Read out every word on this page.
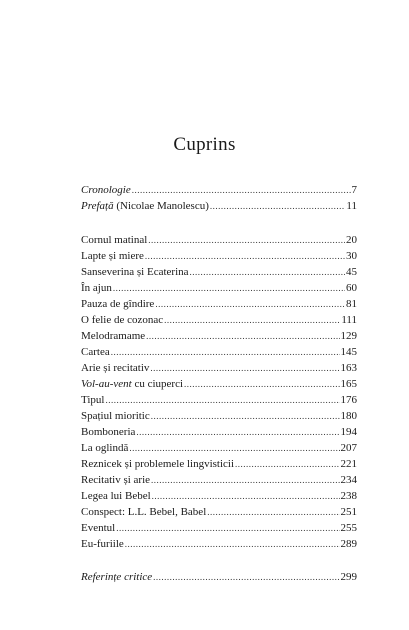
Cuprins
Cronologie .....	7
Prefață (Nicolae Manolescu) .....	11
Cornul matinal .....	20
Lapte și miere .....	30
Sanseverina și Ecaterina .....	45
În ajun .....	60
Pauza de gîndire .....	81
O felie de cozonac .....	111
Melodramame .....	129
Cartea .....	145
Arie și recitativ .....	163
Vol-au-vent cu ciuperci .....	165
Tipul .....	176
Spațiul mioritic .....	180
Bomboneria .....	194
La oglindă .....	207
Reznicek și problemele lingvisticii .....	221
Recitativ și arie .....	234
Legea lui Bebel .....	238
Conspect: L.L. Bebel, Babel .....	251
Eventul .....	255
Eu-furiile .....	289
Referințe critice .....	299
